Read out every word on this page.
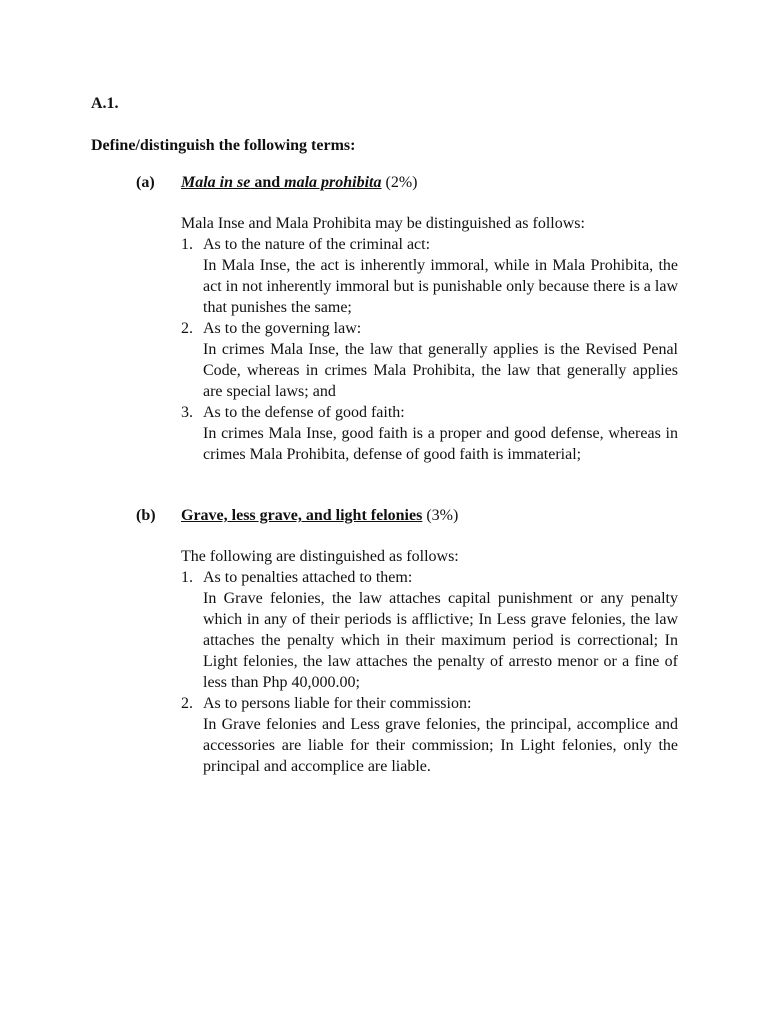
A.1.
Define/distinguish the following terms:
(a) Mala in se and mala prohibita (2%)

Mala Inse and Mala Prohibita may be distinguished as follows:

1. As to the nature of the criminal act:
In Mala Inse, the act is inherently immoral, while in Mala Prohibita, the act in not inherently immoral but is punishable only because there is a law that punishes the same;
2. As to the governing law:
In crimes Mala Inse, the law that generally applies is the Revised Penal Code, whereas in crimes Mala Prohibita, the law that generally applies are special laws; and
3. As to the defense of good faith:
In crimes Mala Inse, good faith is a proper and good defense, whereas in crimes Mala Prohibita, defense of good faith is immaterial;
(b) Grave, less grave, and light felonies (3%)

The following are distinguished as follows:

1. As to penalties attached to them:
In Grave felonies, the law attaches capital punishment or any penalty which in any of their periods is afflictive; In Less grave felonies, the law attaches the penalty which in their maximum period is correctional; In Light felonies, the law attaches the penalty of arresto menor or a fine of less than Php 40,000.00;
2. As to persons liable for their commission:
In Grave felonies and Less grave felonies, the principal, accomplice and accessories are liable for their commission; In Light felonies, only the principal and accomplice are liable.
